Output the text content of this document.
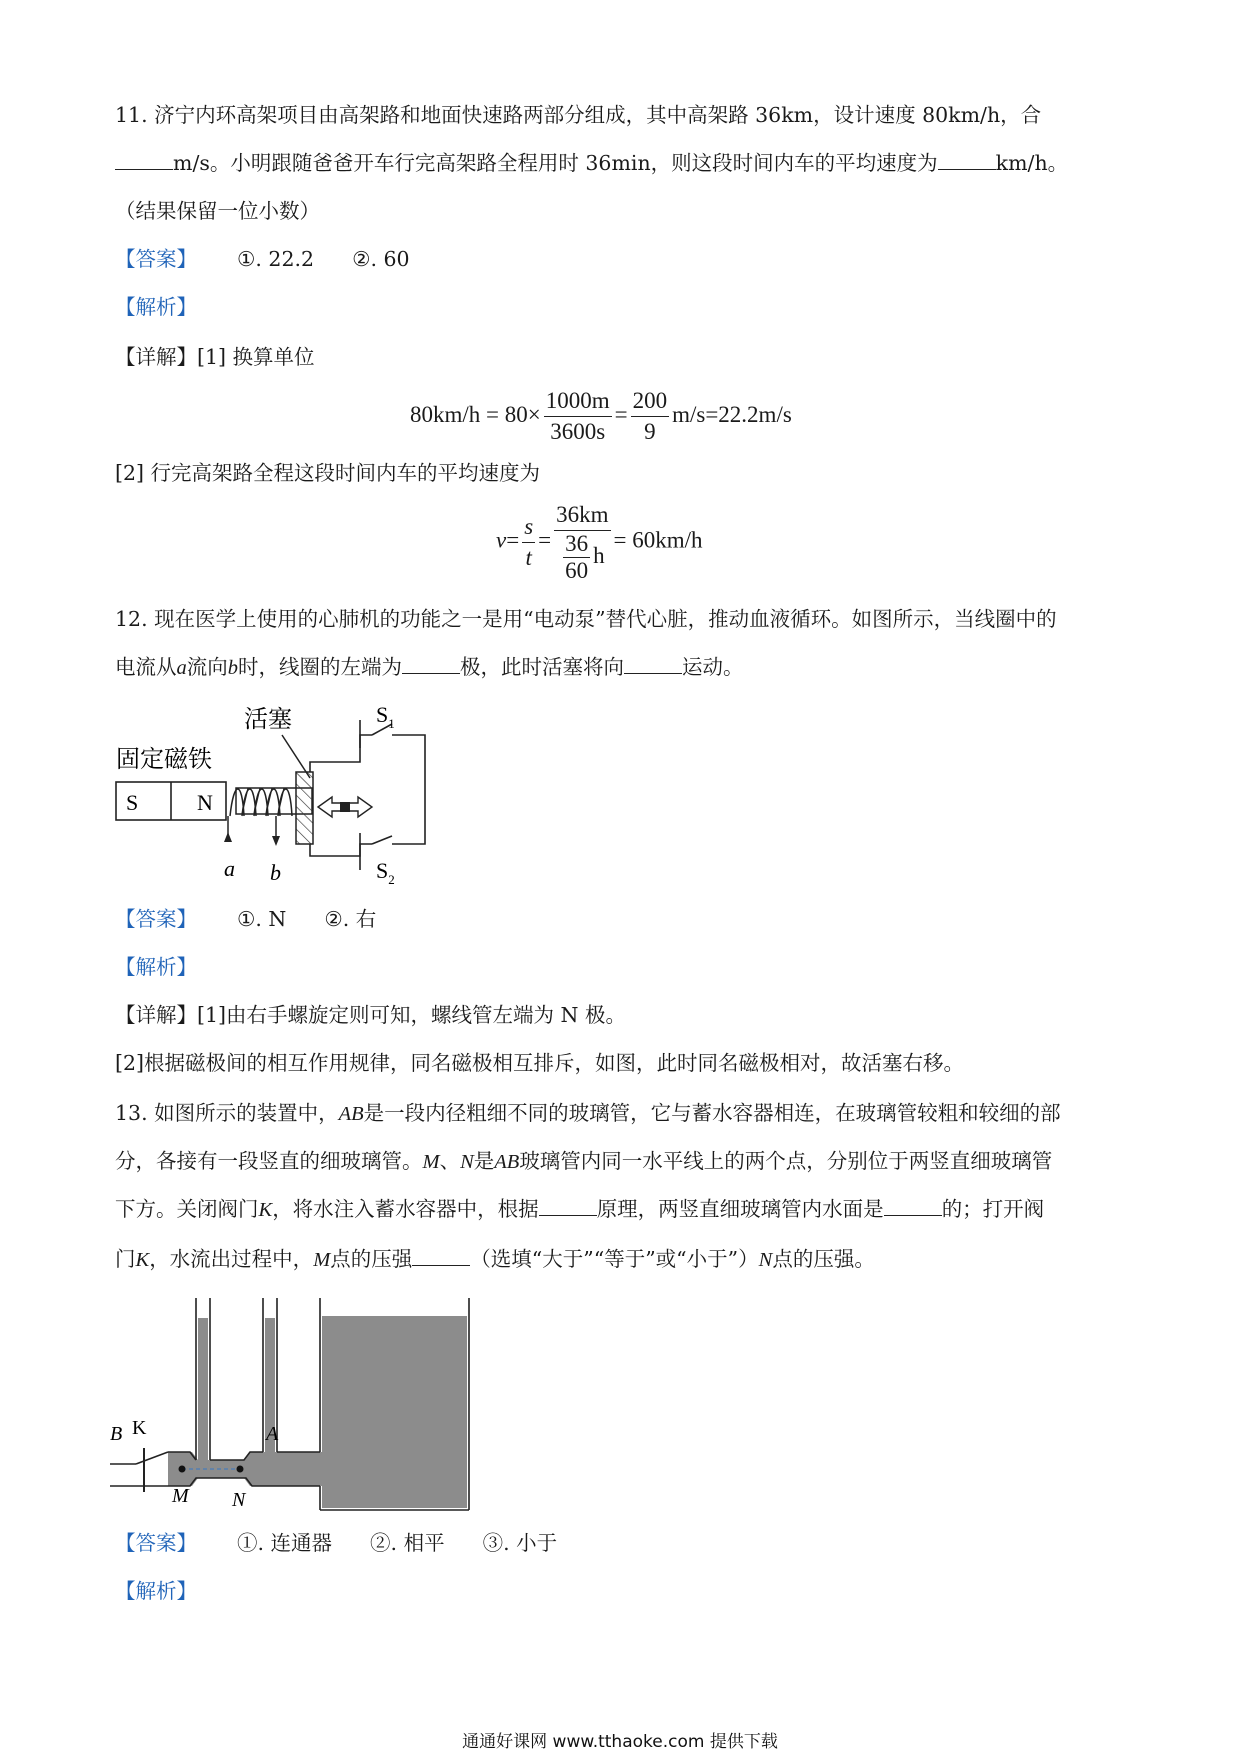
11. 济宁内环高架项目由高架路和地面快速路两部分组成，其中高架路 36km，设计速度 80km/h，合
m/s。小明跟随爸爸开车行完高架路全程用时 36min，则这段时间内车的平均速度为	km/h。
（结果保留一位小数）
【答案】 ①. 22.2 ②. 60
【解析】
【详解】[1] 换算单位
$80km/h = 80\times \frac{1000m}{3600s} = \frac{200}{9} m/s=22.2m/s$
[2] 行完高架路全程这段时间内车的平均速度为
$v= \frac{s}{t} = \frac{36km}{\frac{36}{60} h} = 60km/h$
12. 现在医学上使用的心肺机的功能之一是用“电动泵”替代心脏，推动血液循环。如图所示，当线圈中的
电流从a流向b时，线圈的左端为	极，此时活塞将向	运动。
活塞
固定磁铁
S	N
a b
$S_1$
$S_2$
【答案】 ①. N ②. 右
【解析】
【详解】[1]由右手螺旋定则可知，螺线管左端为 N 极。
[2]根据磁极间的相互作用规律，同名磁极相互排斥，如图，此时同名磁极相对，故活塞右移。
13. 如图所示的装置中，AB是一段内径粗细不同的玻璃管，它与蓄水容器相连，在玻璃管较粗和较细的部
分，各接有一段竖直的细玻璃管。M、N是AB玻璃管内同一水平线上的两个点，分别位于两竖直细玻璃管
下方。关闭阀门K，将水注入蓄水容器中，根据	原理，两竖直细玻璃管内水面是	的；打开阀
门K，水流出过程中，M点的压强	（选填“大于”“等于”或“小于”）N点的压强。
B K	A
M N
【答案】 ①. 连通器 ②. 相平 ③. 小于
【解析】
通通好课网 www.tthaoke.com 提供下载
